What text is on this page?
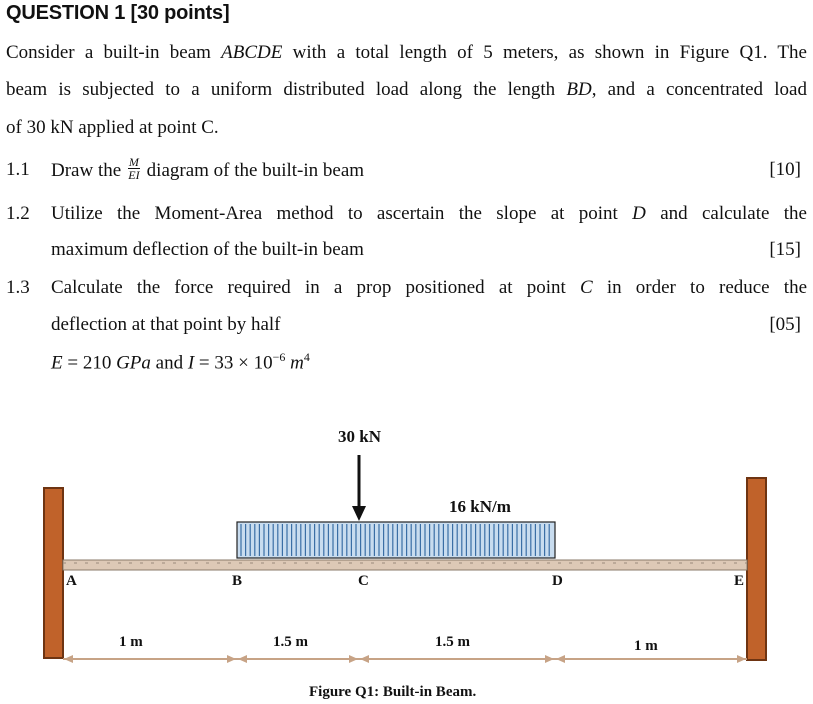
QUESTION 1 [30 points]
Consider a built-in beam ABCDE with a total length of 5 meters, as shown in Figure Q1. The
beam is subjected to a uniform distributed load along the length BD, and a concentrated load
of 30 kN applied at point C.
1.1 Draw the $\frac{M}{EI}$ diagram of the built-in beam	[10]
1.2 Utilize the Moment-Area method to ascertain the slope at point D and calculate the
maximum deflection of the built-in beam	[15]
1.3 Calculate the force required in a prop positioned at point C in order to reduce the
deflection at that point by half	[05]
E = 210 GPa and $I = 33 \times 10^{-6}$ $m^4$
30 kN
16 kN/m
A	B	C	D	E
1 m	1.5 m	1.5 m	1 m
Figure Q1: Built-in Beam.
